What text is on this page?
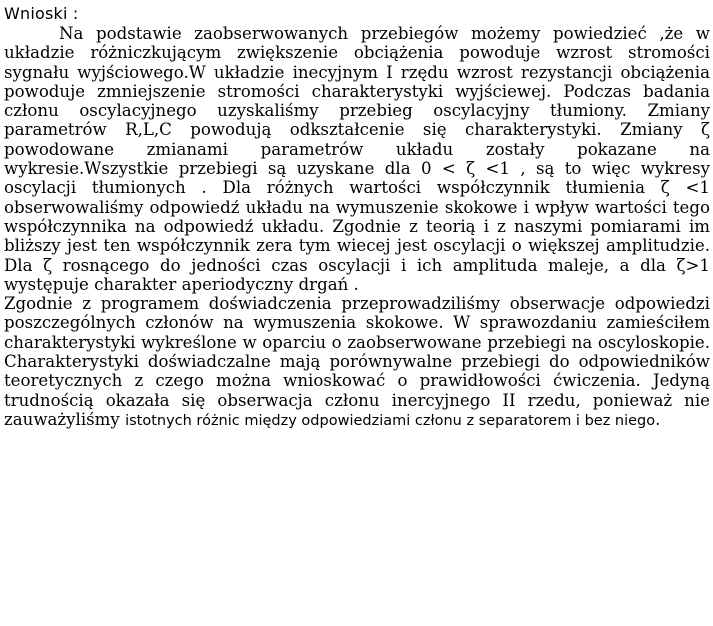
Wnioski :

Na podstawie zaobserwowanych przebiegów możemy powiedzieć ,że w układzie różniczkującym zwiększenie obciążenia powoduje wzrost stromości sygnału wyjściowego.W układzie inecyjnym I rzędu wzrost rezystancji obciążenia powoduje zmniejszenie stromości charakterystyki wyjściewej. Podczas badania członu oscylacyjnego uzyskaliśmy przebieg oscylacyjny tłumiony. Zmiany parametrów R,L,C powodują odkształcenie się charakterystyki. Zmiany ζ powodowane zmianami parametrów układu zostały pokazane na wykresie.Wszystkie przebiegi są uzyskane dla 0 < ζ <1 , są to więc wykresy oscylacji tłumionych . Dla różnych wartości współczynnik tłumienia ζ <1 obserwowaliśmy odpowiedź układu na wymuszenie skokowe i wpływ wartości tego współczynnika na odpowiedź układu. Zgodnie z teorią i z naszymi pomiarami im bliższy jest ten współczynnik zera tym wiecej jest oscylacji o większej amplitudzie. Dla ζ rosnącego do jedności czas oscylacji i ich amplituda maleje, a dla ζ>1 występuje charakter aperiodyczny drgań .

Zgodnie z programem doświadczenia przeprowadziliśmy obserwacje odpowiedzi poszczególnych członów na wymuszenia skokowe. W sprawozdaniu zamieściłem charakterystyki wykreślone w oparciu o zaobserwowane przebiegi na oscyloskopie. Charakterystyki doświadczalne mają porównywalne przebiegi do odpowiedników teoretycznych z czego można wnioskować o prawidłowości ćwiczenia. Jedyną trudnością okazała się obserwacja członu inercyjnego II rzedu, ponieważ nie zauważyliśmy istotnych różnic między odpowiedziami członu z separatorem i bez niego.
